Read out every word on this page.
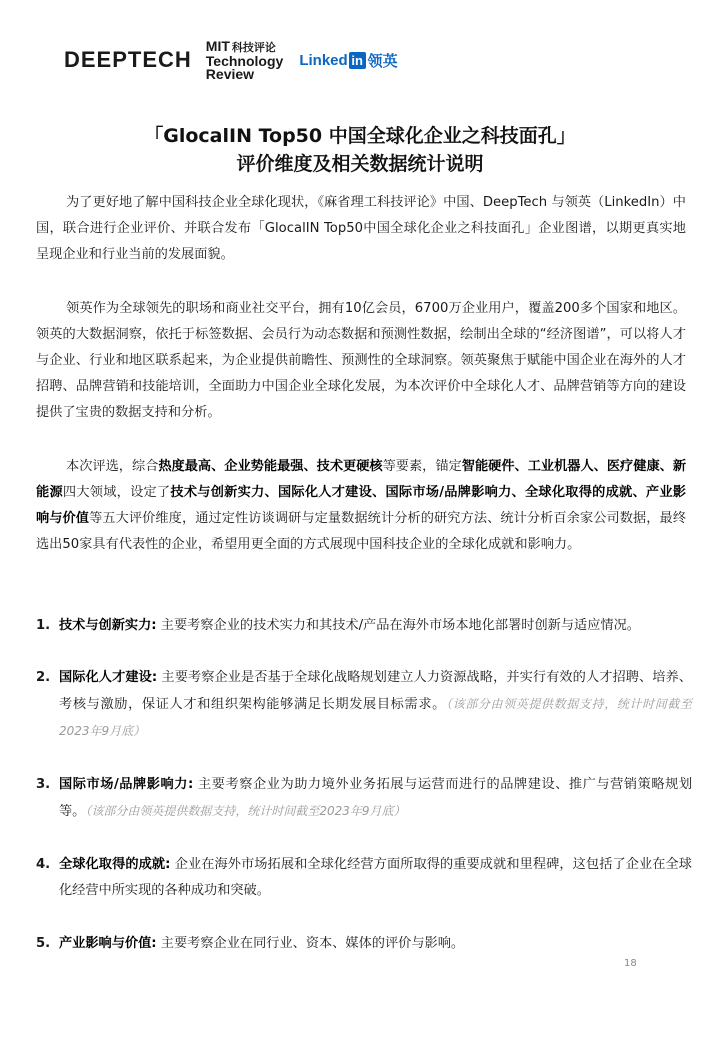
DEEPTECH
MIT 科技评论
Technology
Review
Linked in 领英
「GlocalIN Top50 中国全球化企业之科技面孔」
评价维度及相关数据统计说明

为了更好地了解中国科技企业全球化现状，《麻省理工科技评论》中国、DeepTech 与领英（LinkedIn）中国，联合进行企业评价、并联合发布「GlocalIN Top50中国全球化企业之科技面孔」企业图谱，以期更真实地呈现企业和行业当前的发展面貌。

领英作为全球领先的职场和商业社交平台，拥有10亿会员，6700万企业用户，覆盖200多个国家和地区。领英的大数据洞察，依托于标签数据、会员行为动态数据和预测性数据，绘制出全球的“经济图谱”，可以将人才与企业、行业和地区联系起来，为企业提供前瞻性、预测性的全球洞察。领英聚焦于赋能中国企业在海外的人才招聘、品牌营销和技能培训，全面助力中国企业全球化发展，为本次评价中全球化人才、品牌营销等方向的建设提供了宝贵的数据支持和分析。

本次评选，综合热度最高、企业势能最强、技术更硬核等要素，锚定智能硬件、工业机器人、医疗健康、新能源四大领域，设定了技术与创新实力、国际化人才建设、国际市场/品牌影响力、全球化取得的成就、产业影响与价值等五大评价维度，通过定性访谈调研与定量数据统计分析的研究方法、统计分析百余家公司数据，最终选出50家具有代表性的企业，希望用更全面的方式展现中国科技企业的全球化成就和影响力。

1. 技术与创新实力: 主要考察企业的技术实力和其技术/产品在海外市场本地化部署时创新与适应情况。
2. 国际化人才建设: 主要考察企业是否基于全球化战略规划建立人力资源战略，并实行有效的人才招聘、培养、考核与激励，保证人才和组织架构能够满足长期发展目标需求。（该部分由领英提供数据支持，统计时间截至2023年9月底）
3. 国际市场/品牌影响力: 主要考察企业为助力境外业务拓展与运营而进行的品牌建设、推广与营销策略规划等。（该部分由领英提供数据支持，统计时间截至2023年9月底）
4. 全球化取得的成就: 企业在海外市场拓展和全球化经营方面所取得的重要成就和里程碑，这包括了企业在全球化经营中所实现的各种成功和突破。
5. 产业影响与价值: 主要考察企业在同行业、资本、媒体的评价与影响。
18
